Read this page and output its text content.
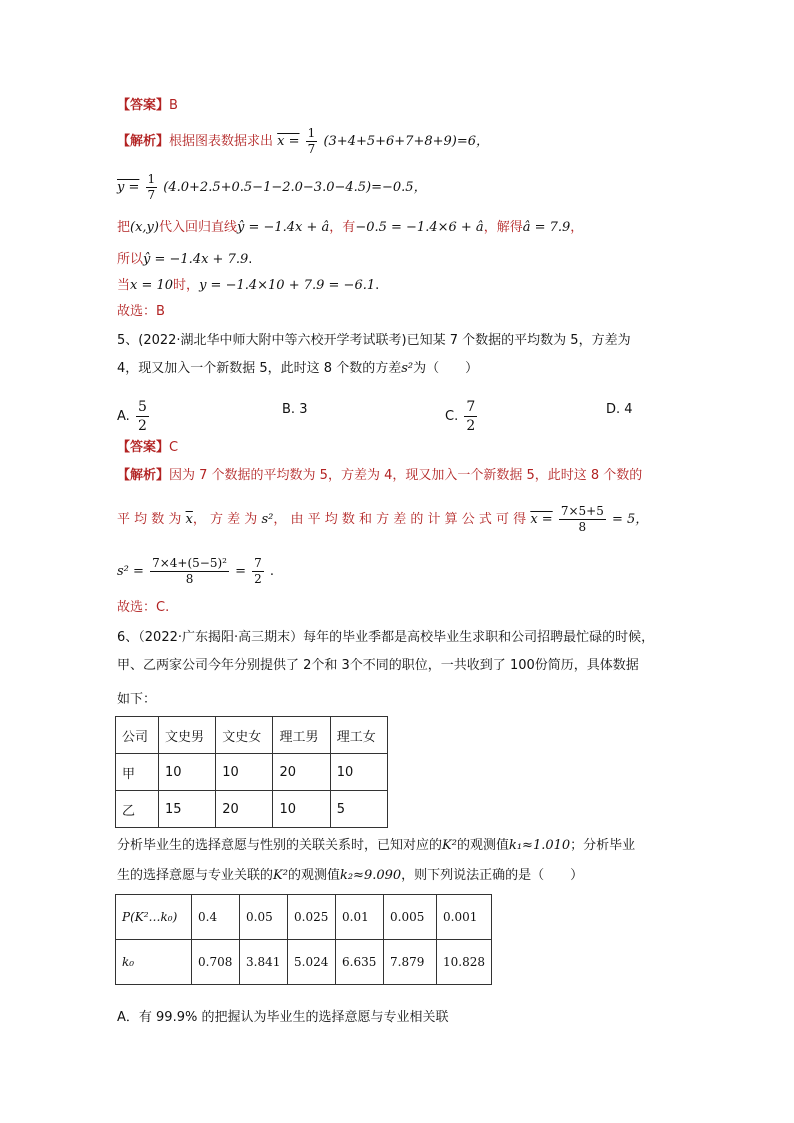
【答案】B
【解析】根据图表数据求出 $x = \frac{1}{7} (3+4+5+6+7+8+9)=6$，
$y = \frac{1}{7} (4.0+2.5+0.5-1-2.0-3.0-4.5)=-0.5$，
把(x,y)代入回归直线ŷ = −1.4x + â，有−0.5 = −1.4×6 + â，解得â = 7.9，
所以ŷ = −1.4x + 7.9.
当x = 10时，y = −1.4×10 + 7.9 = −6.1.
故选：B
5、(2022·湖北华中师大附中等六校开学考试联考)已知某 7 个数据的平均数为 5，方差为
4，现又加入一个新数据 5，此时这 8 个数的方差s²为（　　）
A. $\frac{5}{2}$	B. 3	C. $\frac{7}{2}$	D. 4
【答案】C
【解析】因为 7 个数据的平均数为 5，方差为 4，现又加入一个新数据 5，此时这 8 个数的
平 均 数 为 $\overline{x}$， 方 差 为 s²， 由 平 均 数 和 方 差 的 计 算 公 式 可 得 $x = \frac{7\times 5+5}{8} = 5$，
$s^2 = \frac{\text{7×4+(5−5)²}}{8} = \frac{7}{2}$ .
故选：C.
6、（2022·广东揭阳·高三期末）每年的毕业季都是高校毕业生求职和公司招聘最忙碌的时候，
甲、乙两家公司今年分别提供了 2个和 3个不同的职位，一共收到了 100份简历，具体数据
如下：
公司	文史男	文史女	理工男	理工女
甲	10	10	20	10
乙	15	20	10	5
分析毕业生的选择意愿与性别的关联关系时，已知对应的K²的观测值k₁≈1.010；分析毕业
生的选择意愿与专业关联的K²的观测值k₂≈9.090，则下列说法正确的是（　　）
P(K²…k₀)	0.4	0.05	0.025	0.01	0.005	0.001
k₀	0.708	3.841	5.024	6.635	7.879	10.828
A．有 99.9% 的把握认为毕业生的选择意愿与专业相关联
